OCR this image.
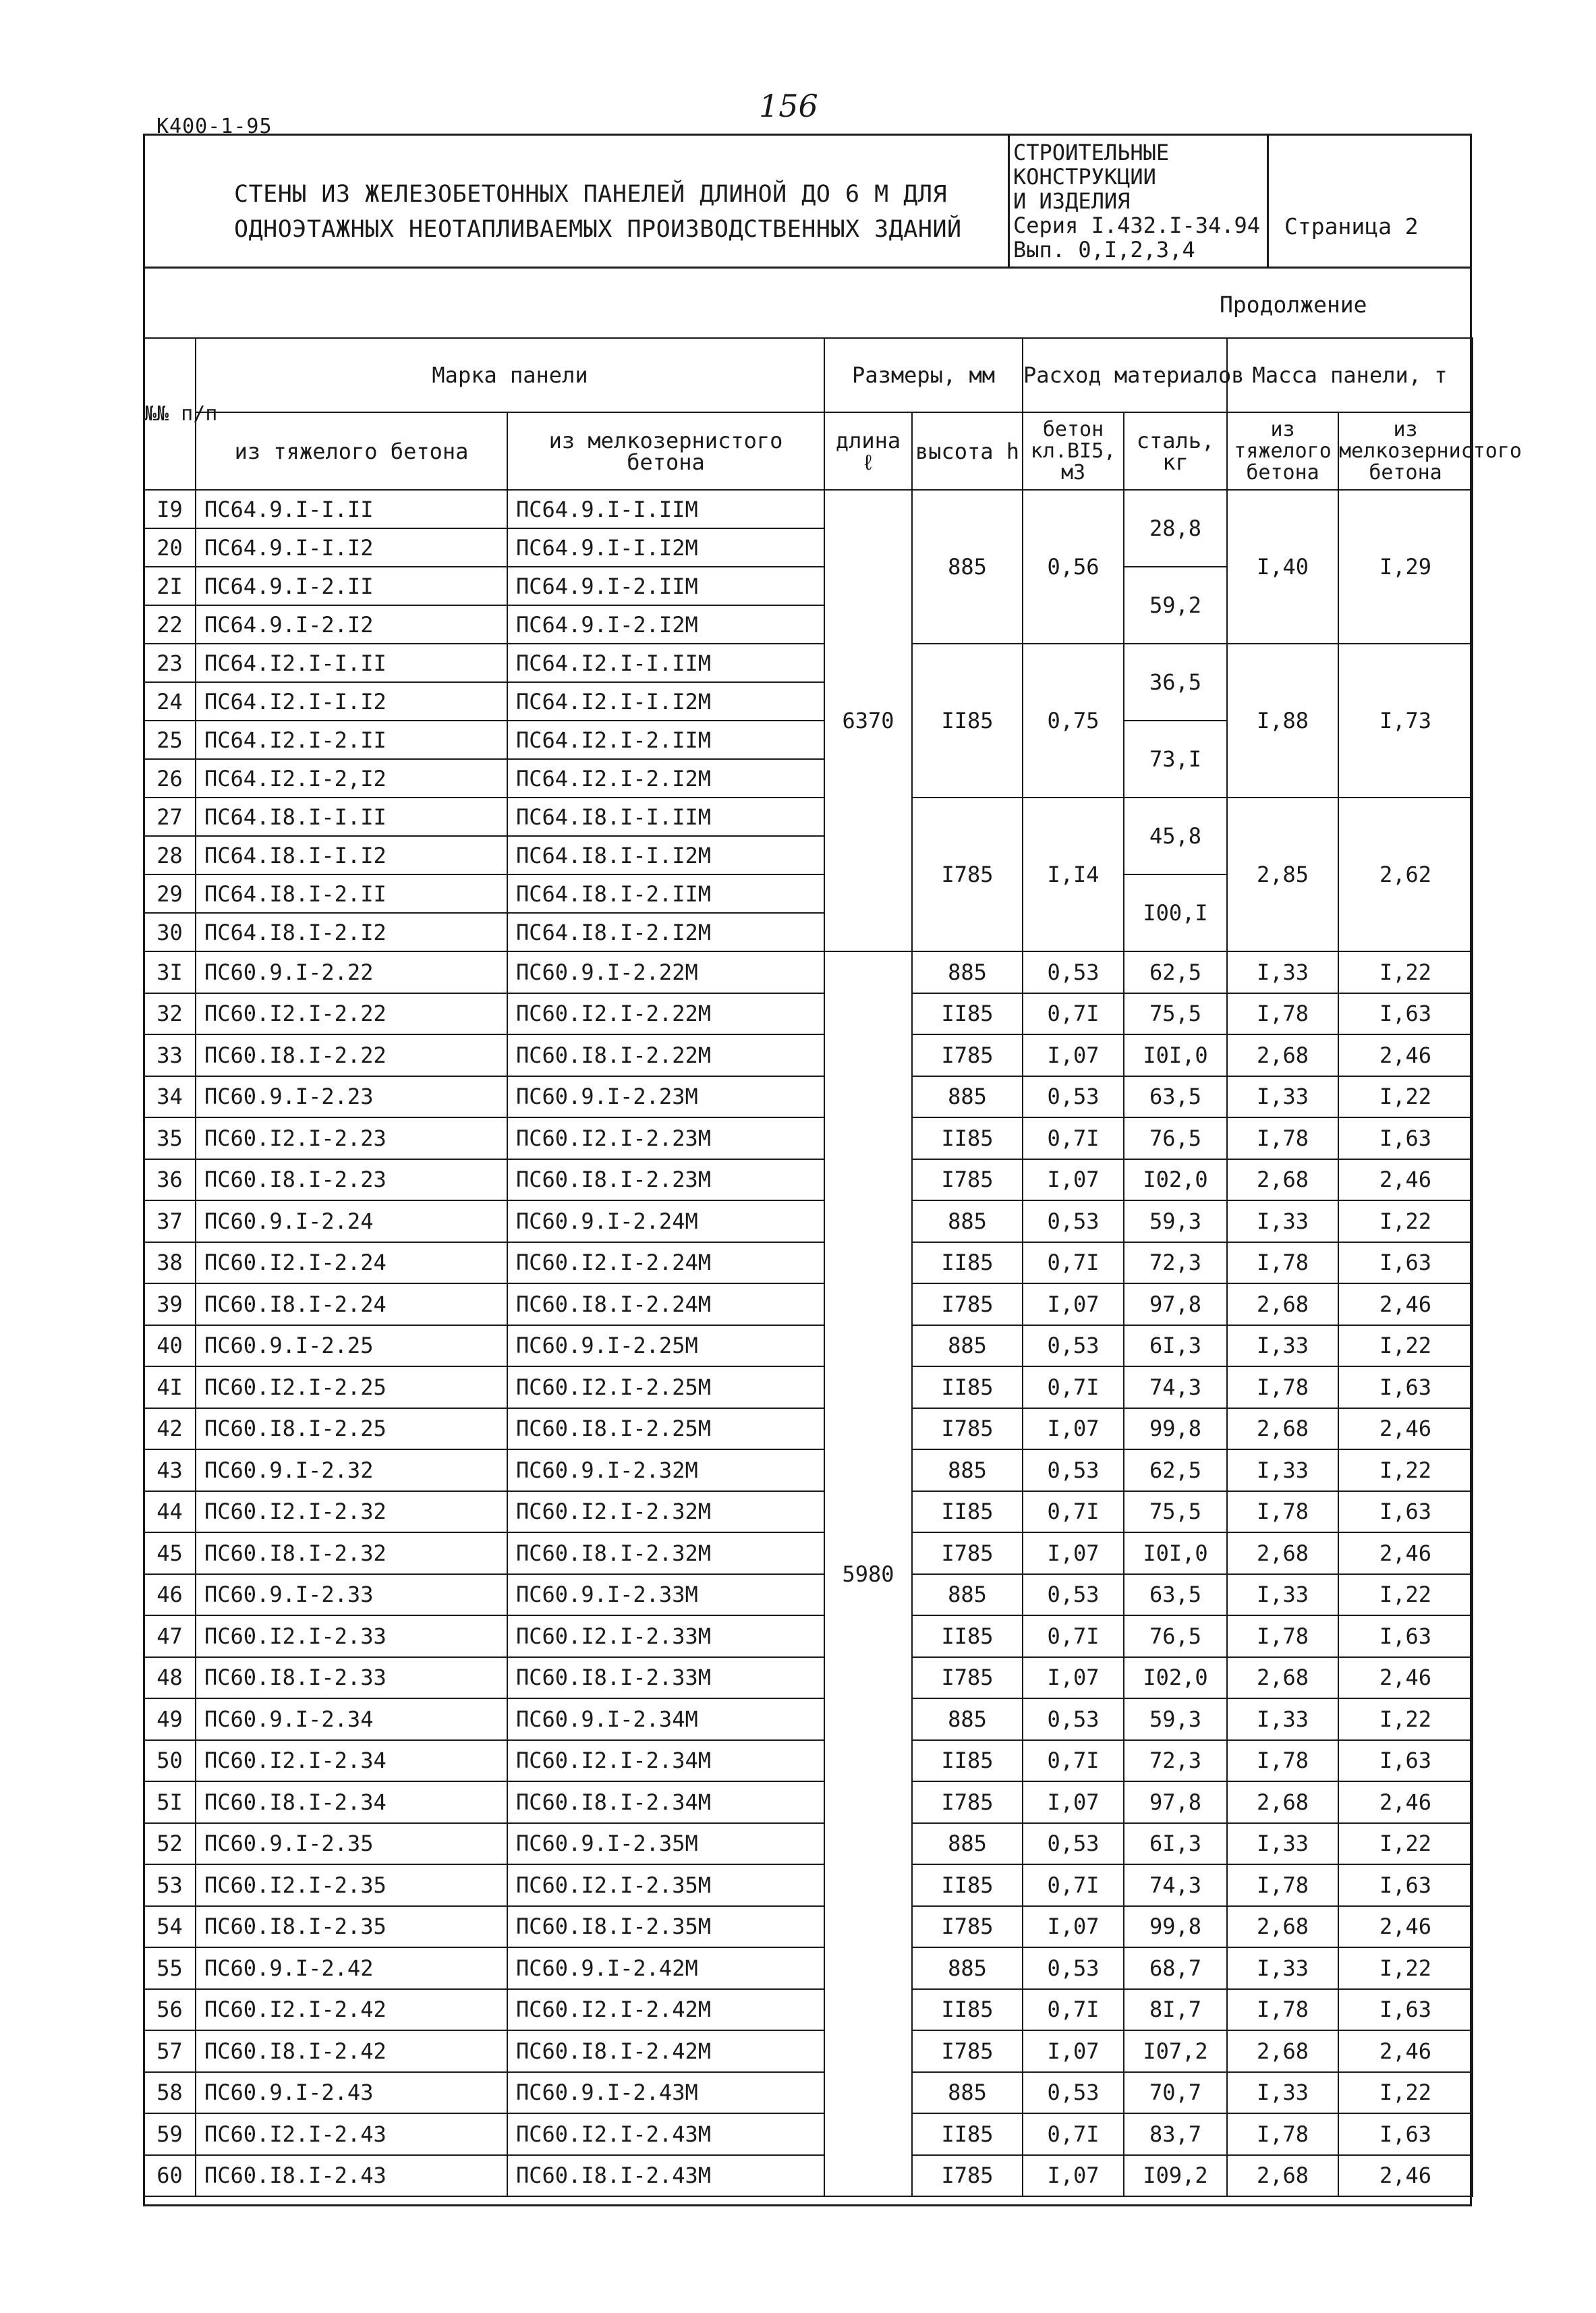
К400-1-95
156
СТЕНЫ ИЗ ЖЕЛЕЗОБЕТОННЫХ ПАНЕЛЕЙ ДЛИНОЙ ДО 6 М ДЛЯ
ОДНОЭТАЖНЫХ НЕОТАПЛИВАЕМЫХ ПРОИЗВОДСТВЕННЫХ ЗДАНИЙ
СТРОИТЕЛЬНЫЕ
КОНСТРУКЦИИ
И ИЗДЕЛИЯ
Серия I.432.I-34.94
Вып. 0,I,2,3,4
Страница 2
Продолжение
№№ п/п	Марка панели		Размеры, мм		Расход материалов		Масса панели, т	
	из тяжелого бетона	из мелкозернистого бетона	длина ℓ	высота h	бетон кл.BI5, м3	сталь, кг	из тяжелого бетона	из мелкозернистого бетона
I9	ПС64.9.I-I.II	ПС64.9.I-I.IIМ	6370	885	0,56	28,8	I,40	I,29
20	ПС64.9.I-I.I2	ПС64.9.I-I.I2М						
2I	ПС64.9.I-2.II	ПС64.9.I-2.IIМ				59,2		
22	ПС64.9.I-2.I2	ПС64.9.I-2.I2М						
23	ПС64.I2.I-I.II	ПС64.I2.I-I.IIМ		II85	0,75	36,5	I,88	I,73
24	ПС64.I2.I-I.I2	ПС64.I2.I-I.I2М						
25	ПС64.I2.I-2.II	ПС64.I2.I-2.IIМ				73,I		
26	ПС64.I2.I-2,I2	ПС64.I2.I-2.I2М						
27	ПС64.I8.I-I.II	ПС64.I8.I-I.IIМ		I785	I,I4	45,8	2,85	2,62
28	ПС64.I8.I-I.I2	ПС64.I8.I-I.I2М						
29	ПС64.I8.I-2.II	ПС64.I8.I-2.IIМ				I00,I		
30	ПС64.I8.I-2.I2	ПС64.I8.I-2.I2М						
3I	ПС60.9.I-2.22	ПС60.9.I-2.22М	5980	885	0,53	62,5	I,33	I,22
32	ПС60.I2.I-2.22	ПС60.I2.I-2.22М		II85	0,7I	75,5	I,78	I,63
33	ПС60.I8.I-2.22	ПС60.I8.I-2.22М		I785	I,07	I0I,0	2,68	2,46
34	ПС60.9.I-2.23	ПС60.9.I-2.23М		885	0,53	63,5	I,33	I,22
35	ПС60.I2.I-2.23	ПС60.I2.I-2.23М		II85	0,7I	76,5	I,78	I,63
36	ПС60.I8.I-2.23	ПС60.I8.I-2.23М		I785	I,07	I02,0	2,68	2,46
37	ПС60.9.I-2.24	ПС60.9.I-2.24М		885	0,53	59,3	I,33	I,22
38	ПС60.I2.I-2.24	ПС60.I2.I-2.24М		II85	0,7I	72,3	I,78	I,63
39	ПС60.I8.I-2.24	ПС60.I8.I-2.24М		I785	I,07	97,8	2,68	2,46
40	ПС60.9.I-2.25	ПС60.9.I-2.25М		885	0,53	6I,3	I,33	I,22
4I	ПС60.I2.I-2.25	ПС60.I2.I-2.25М		II85	0,7I	74,3	I,78	I,63
42	ПС60.I8.I-2.25	ПС60.I8.I-2.25М		I785	I,07	99,8	2,68	2,46
43	ПС60.9.I-2.32	ПС60.9.I-2.32М		885	0,53	62,5	I,33	I,22
44	ПС60.I2.I-2.32	ПС60.I2.I-2.32М		II85	0,7I	75,5	I,78	I,63
45	ПС60.I8.I-2.32	ПС60.I8.I-2.32М		I785	I,07	I0I,0	2,68	2,46
46	ПС60.9.I-2.33	ПС60.9.I-2.33М		885	0,53	63,5	I,33	I,22
47	ПС60.I2.I-2.33	ПС60.I2.I-2.33М		II85	0,7I	76,5	I,78	I,63
48	ПС60.I8.I-2.33	ПС60.I8.I-2.33М		I785	I,07	I02,0	2,68	2,46
49	ПС60.9.I-2.34	ПС60.9.I-2.34М		885	0,53	59,3	I,33	I,22
50	ПС60.I2.I-2.34	ПС60.I2.I-2.34М		II85	0,7I	72,3	I,78	I,63
5I	ПС60.I8.I-2.34	ПС60.I8.I-2.34М		I785	I,07	97,8	2,68	2,46
52	ПС60.9.I-2.35	ПС60.9.I-2.35М		885	0,53	6I,3	I,33	I,22
53	ПС60.I2.I-2.35	ПС60.I2.I-2.35М		II85	0,7I	74,3	I,78	I,63
54	ПС60.I8.I-2.35	ПС60.I8.I-2.35М		I785	I,07	99,8	2,68	2,46
55	ПС60.9.I-2.42	ПС60.9.I-2.42М		885	0,53	68,7	I,33	I,22
56	ПС60.I2.I-2.42	ПС60.I2.I-2.42М		II85	0,7I	8I,7	I,78	I,63
57	ПС60.I8.I-2.42	ПС60.I8.I-2.42М		I785	I,07	I07,2	2,68	2,46
58	ПС60.9.I-2.43	ПС60.9.I-2.43М		885	0,53	70,7	I,33	I,22
59	ПС60.I2.I-2.43	ПС60.I2.I-2.43М		II85	0,7I	83,7	I,78	I,63
60	ПС60.I8.I-2.43	ПС60.I8.I-2.43М		I785	I,07	I09,2	2,68	2,46
